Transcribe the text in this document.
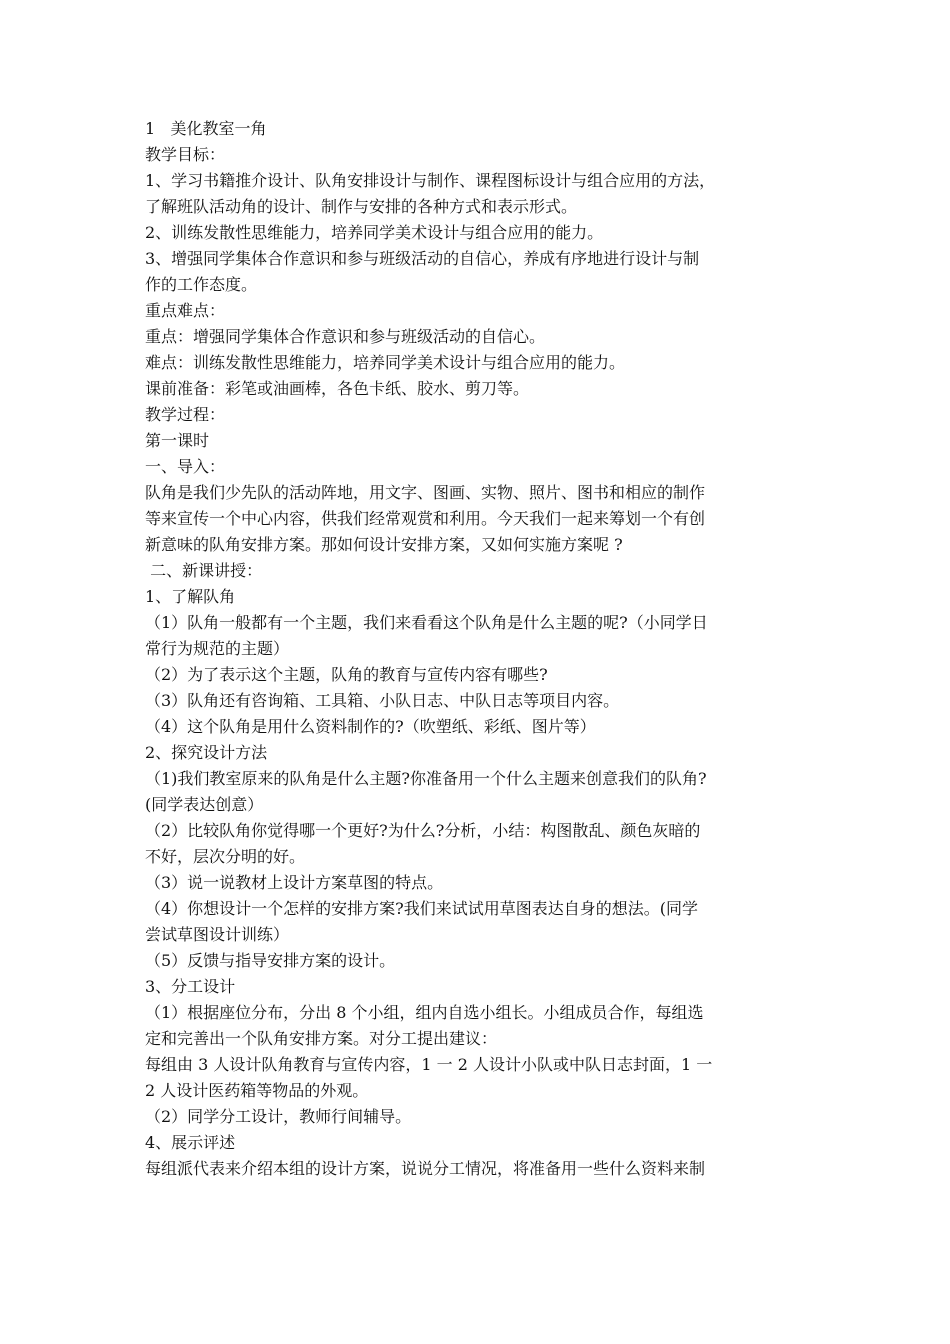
1   美化教室一角
教学目标：
1、学习书籍推介设计、队角安排设计与制作、课程图标设计与组合应用的方法，
了解班队活动角的设计、制作与安排的各种方式和表示形式。
2、训练发散性思维能力，培养同学美术设计与组合应用的能力。
3、增强同学集体合作意识和参与班级活动的自信心，养成有序地进行设计与制
作的工作态度。
重点难点：
重点：增强同学集体合作意识和参与班级活动的自信心。
难点：训练发散性思维能力，培养同学美术设计与组合应用的能力。
课前准备：彩笔或油画棒，各色卡纸、胶水、剪刀等。
教学过程：
第一课时
一、导入：
队角是我们少先队的活动阵地，用文字、图画、实物、照片、图书和相应的制作
等来宣传一个中心内容，供我们经常观赏和利用。今天我们一起来筹划一个有创
新意味的队角安排方案。那如何设计安排方案，又如何实施方案呢 ?
二、新课讲授：
1、了解队角
（1）队角一般都有一个主题，我们来看看这个队角是什么主题的呢?（小同学日
常行为规范的主题）
（2）为了表示这个主题，队角的教育与宣传内容有哪些?
（3）队角还有咨询箱、工具箱、小队日志、中队日志等项目内容。
（4）这个队角是用什么资料制作的?（吹塑纸、彩纸、图片等）
2、探究设计方法
（1)我们教室原来的队角是什么主题?你准备用一个什么主题来创意我们的队角?
(同学表达创意）
（2）比较队角你觉得哪一个更好?为什么?分析，小结：构图散乱、颜色灰暗的
不好，层次分明的好。
（3）说一说教材上设计方案草图的特点。
（4）你想设计一个怎样的安排方案?我们来试试用草图表达自身的想法。(同学
尝试草图设计训练）
（5）反馈与指导安排方案的设计。
3、分工设计
（1）根据座位分布，分出 8 个小组，组内自选小组长。小组成员合作，每组选
定和完善出一个队角安排方案。对分工提出建议：
每组由 3 人设计队角教育与宣传内容，1 一 2 人设计小队或中队日志封面，1 一
2 人设计医药箱等物品的外观。
（2）同学分工设计，教师行间辅导。
4、展示评述
每组派代表来介绍本组的设计方案，说说分工情况，将准备用一些什么资料来制
